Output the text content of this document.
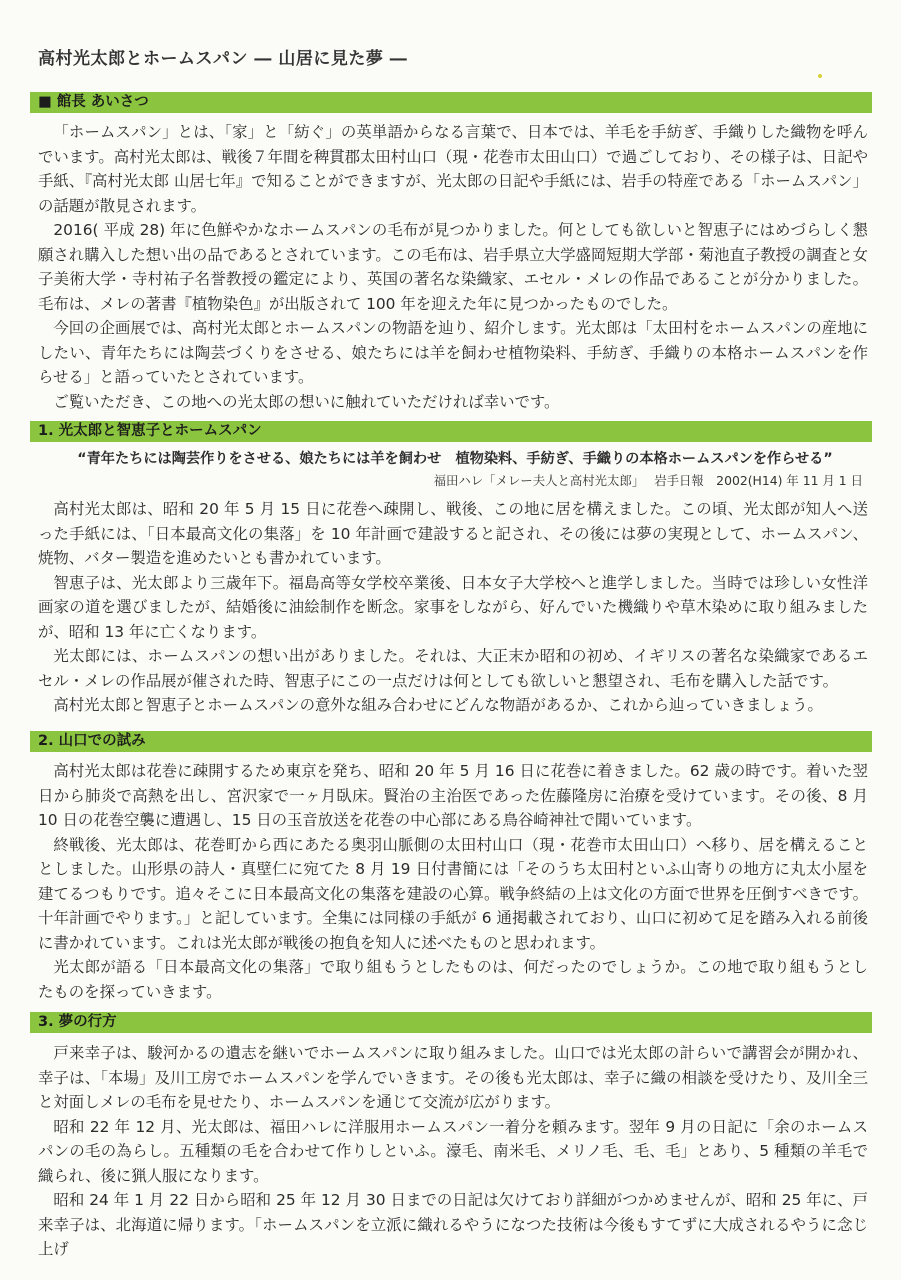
高村光太郎とホームスパン ― 山居に見た夢 ―
■ 館長 あいさつ

「ホームスパン」とは、「家」と「紡ぐ」の英単語からなる言葉で、日本では、羊毛を手紡ぎ、手織りした織物を呼んでいます。高村光太郎は、戦後７年間を稗貫郡太田村山口（現・花巻市太田山口）で過ごしており、その様子は、日記や手紙、『高村光太郎 山居七年』で知ることができますが、光太郎の日記や手紙には、岩手の特産である「ホームスパン」の話題が散見されます。

2016( 平成 28) 年に色鮮やかなホームスパンの毛布が見つかりました。何としても欲しいと智恵子にはめづらしく懇願され購入した想い出の品であるとされています。この毛布は、岩手県立大学盛岡短期大学部・菊池直子教授の調査と女子美術大学・寺村祐子名誉教授の鑑定により、英国の著名な染織家、エセル・メレの作品であることが分かりました。毛布は、メレの著書『植物染色』が出版されて 100 年を迎えた年に見つかったものでした。

今回の企画展では、高村光太郎とホームスパンの物語を辿り、紹介します。光太郎は「太田村をホームスパンの産地にしたい、青年たちには陶芸づくりをさせる、娘たちには羊を飼わせ植物染料、手紡ぎ、手織りの本格ホームスパンを作らせる」と語っていたとされています。

ご覧いただき、この地への光太郎の想いに触れていただければ幸いです。

1. 光太郎と智恵子とホームスパン
“青年たちには陶芸作りをさせる、娘たちには羊を飼わせ　植物染料、手紡ぎ、手織りの本格ホームスパンを作らせる”
福田ハレ「メレー夫人と高村光太郎」 岩手日報　2002(H14) 年 11 月 1 日

高村光太郎は、昭和 20 年 5 月 15 日に花巻へ疎開し、戦後、この地に居を構えました。この頃、光太郎が知人へ送った手紙には、「日本最高文化の集落」を 10 年計画で建設すると記され、その後には夢の実現として、ホームスパン、焼物、バター製造を進めたいとも書かれています。

智恵子は、光太郎より三歳年下。福島高等女学校卒業後、日本女子大学校へと進学しました。当時では珍しい女性洋画家の道を選びましたが、結婚後に油絵制作を断念。家事をしながら、好んでいた機織りや草木染めに取り組みましたが、昭和 13 年に亡くなります。

光太郎には、ホームスパンの想い出がありました。それは、大正末か昭和の初め、イギリスの著名な染織家であるエセル・メレの作品展が催された時、智恵子にこの一点だけは何としても欲しいと懇望され、毛布を購入した話です。

高村光太郎と智恵子とホームスパンの意外な組み合わせにどんな物語があるか、これから辿っていきましょう。

2. 山口での試み

高村光太郎は花巻に疎開するため東京を発ち、昭和 20 年 5 月 16 日に花巻に着きました。62 歳の時です。着いた翌日から肺炎で高熱を出し、宮沢家で一ヶ月臥床。賢治の主治医であった佐藤隆房に治療を受けています。その後、8 月 10 日の花巻空襲に遭遇し、15 日の玉音放送を花巻の中心部にある鳥谷崎神社で聞いています。

終戦後、光太郎は、花巻町から西にあたる奥羽山脈側の太田村山口（現・花巻市太田山口）へ移り、居を構えることとしました。山形県の詩人・真壁仁に宛てた 8 月 19 日付書簡には「そのうち太田村といふ山寄りの地方に丸太小屋を建てるつもりです。追々そこに日本最高文化の集落を建設の心算。戦争終結の上は文化の方面で世界を圧倒すべきです。十年計画でやります。」と記しています。全集には同様の手紙が 6 通掲載されており、山口に初めて足を踏み入れる前後に書かれています。これは光太郎が戦後の抱負を知人に述べたものと思われます。

光太郎が語る「日本最高文化の集落」で取り組もうとしたものは、何だったのでしょうか。この地で取り組もうとしたものを探っていきます。

3. 夢の行方

戸来幸子は、駿河かるの遺志を継いでホームスパンに取り組みました。山口では光太郎の計らいで講習会が開かれ、幸子は、「本場」及川工房でホームスパンを学んでいきます。その後も光太郎は、幸子に織の相談を受けたり、及川全三と対面しメレの毛布を見せたり、ホームスパンを通じて交流が広がります。

昭和 22 年 12 月、光太郎は、福田ハレに洋服用ホームスパン一着分を頼みます。翌年 9 月の日記に「余のホームスパンの毛の為らし。五種類の毛を合わせて作りしといふ。濠毛、南米毛、メリノ毛、毛、毛」とあり、5 種類の羊毛で織られ、後に猟人服になります。

昭和 24 年 1 月 22 日から昭和 25 年 12 月 30 日までの日記は欠けており詳細がつかめませんが、昭和 25 年に、戸来幸子は、北海道に帰ります。「ホームスパンを立派に織れるやうになつた技術は今後もすてずに大成されるやうに念じ上げ
